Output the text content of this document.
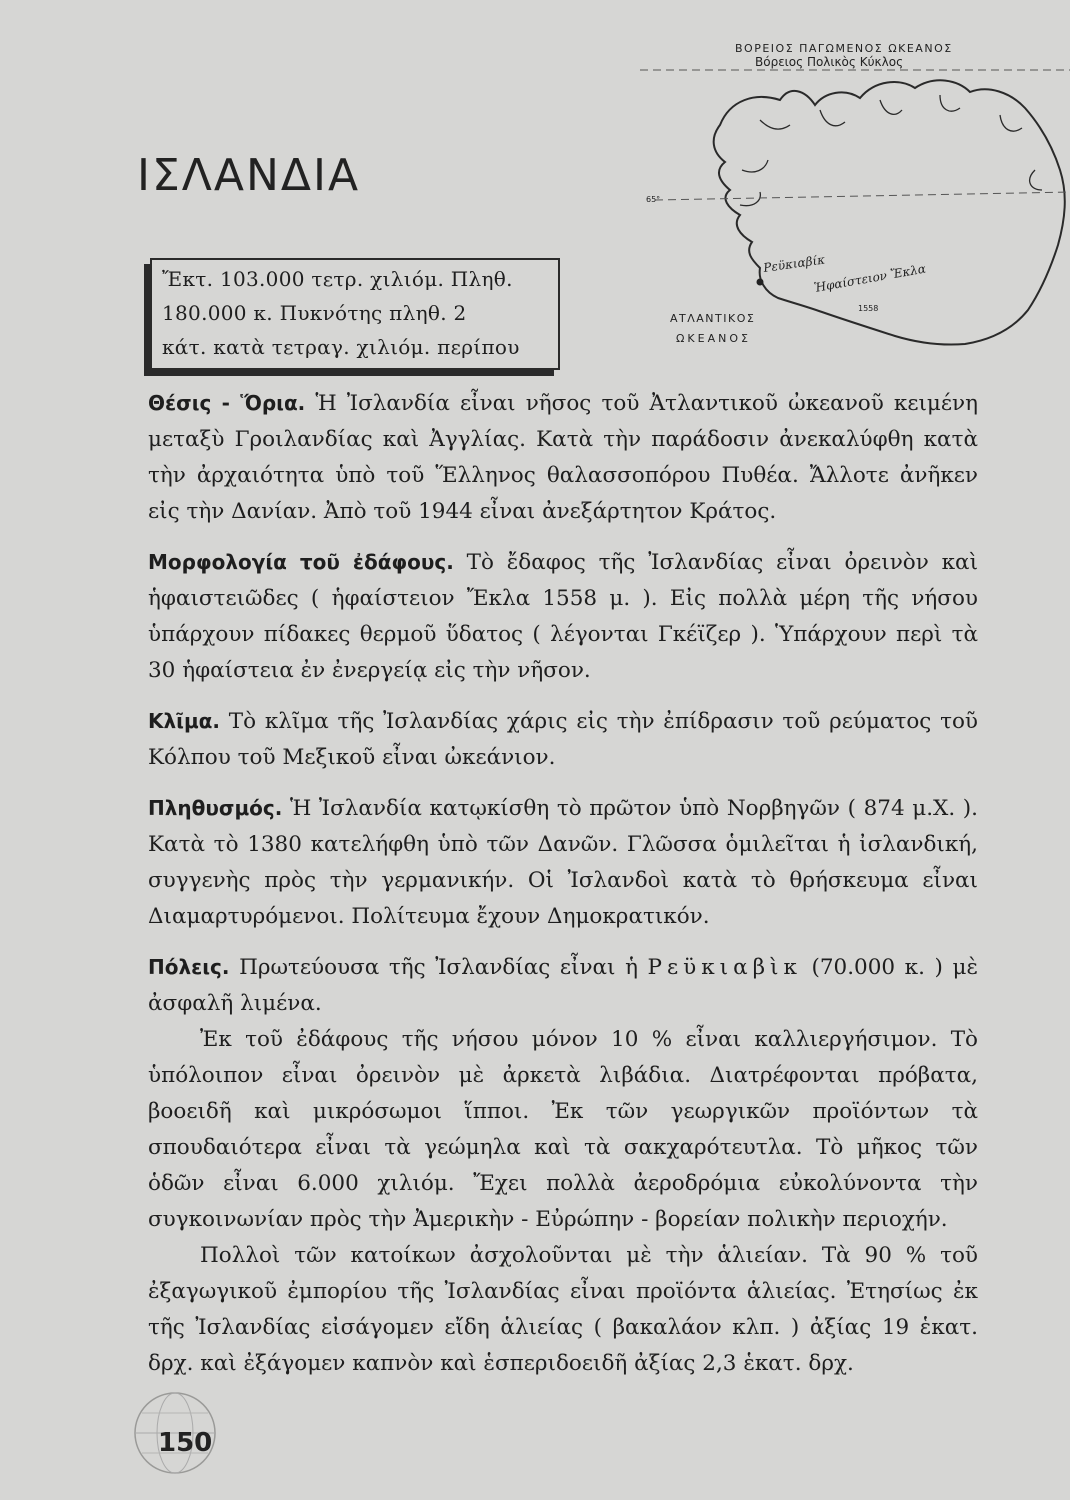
ΙΣΛΑΝΔΙΑ
Ἔκτ. 103.000 τετρ. χιλιόμ. Πληθ.
180.000 κ. Πυκνότης πληθ. 2
κάτ. κατὰ τετραγ. χιλιόμ. περίπου
ΒΟΡΕΙΟΣ ΠΑΓΩΜΕΝΟΣ ΩΚΕΑΝΟΣ
Βόρειος Πολικὸς Κύκλος
65°
Ρεϋκιαβίκ
Ἡφαίστειον Ἔκλα
1558
ΑΤΛΑΝΤΙΚΟΣ
ΩΚΕΑΝΟΣ

Θέσις - Ὅρια. Ἡ Ἰσλανδία εἶναι νῆσος τοῦ Ἀτλαντικοῦ ὠκεανοῦ κειμένη μεταξὺ Γροιλανδίας καὶ Ἀγγλίας. Κατὰ τὴν παράδοσιν ἀνεκαλύφθη κατὰ τὴν ἀρχαιότητα ὑπὸ τοῦ Ἕλληνος θαλασσοπόρου Πυθέα. Ἄλλοτε ἀνῆκεν εἰς τὴν Δανίαν. Ἀπὸ τοῦ 1944 εἶναι ἀνεξάρτητον Κράτος.

Μορφολογία τοῦ ἐδάφους. Τὸ ἔδαφος τῆς Ἰσλανδίας εἶναι ὀρεινὸν καὶ ἡφαιστειῶδες ( ἡφαίστειον Ἔκλα 1558 μ. ). Εἰς πολλὰ μέρη τῆς νήσου ὑπάρχουν πίδακες θερμοῦ ὕδατος ( λέγονται Γκέϊζερ ). Ὑπάρχουν περὶ τὰ 30 ἡφαίστεια ἐν ἐνεργείᾳ εἰς τὴν νῆσον.

Κλῖμα. Τὸ κλῖμα τῆς Ἰσλανδίας χάρις εἰς τὴν ἐπίδρασιν τοῦ ρεύματος τοῦ Κόλπου τοῦ Μεξικοῦ εἶναι ὠκεάνιον.

Πληθυσμός. Ἡ Ἰσλανδία κατῳκίσθη τὸ πρῶτον ὑπὸ Νορβηγῶν ( 874 μ.Χ. ). Κατὰ τὸ 1380 κατελήφθη ὑπὸ τῶν Δανῶν. Γλῶσσα ὁμιλεῖται ἡ ἰσλανδική, συγγενὴς πρὸς τὴν γερμανικήν. Οἱ Ἰσλανδοὶ κατὰ τὸ θρήσκευμα εἶναι Διαμαρτυρόμενοι. Πολίτευμα ἔχουν Δημοκρατικόν.

Πόλεις. Πρωτεύουσα τῆς Ἰσλανδίας εἶναι ἡ Ρεϋκιαβὶκ (70.000 κ. ) μὲ ἀσφαλῆ λιμένα.

Ἐκ τοῦ ἐδάφους τῆς νήσου μόνον 10 % εἶναι καλλιεργήσιμον. Τὸ ὑπόλοιπον εἶναι ὀρεινὸν μὲ ἀρκετὰ λιβάδια. Διατρέφονται πρόβατα, βοοειδῆ καὶ μικρόσωμοι ἵπποι. Ἐκ τῶν γεωργικῶν προϊόντων τὰ σπουδαιότερα εἶναι τὰ γεώμηλα καὶ τὰ σακχαρότευτλα. Τὸ μῆκος τῶν ὁδῶν εἶναι 6.000 χιλιόμ. Ἔχει πολλὰ ἀεροδρόμια εὐκολύνοντα τὴν συγκοινωνίαν πρὸς τὴν Ἀμερικὴν - Εὐρώπην - βορείαν πολικὴν περιοχήν.

Πολλοὶ τῶν κατοίκων ἀσχολοῦνται μὲ τὴν ἁλιείαν. Τὰ 90 % τοῦ ἐξαγωγικοῦ ἐμπορίου τῆς Ἰσλανδίας εἶναι προϊόντα ἁλιείας. Ἐτησίως ἐκ τῆς Ἰσλανδίας εἰσάγομεν εἴδη ἁλιείας ( βακαλάον κλπ. ) ἀξίας 19 ἑκατ. δρχ. καὶ ἐξάγομεν καπνὸν καὶ ἑσπεριδοειδῆ ἀξίας 2,3 ἑκατ. δρχ.

150
